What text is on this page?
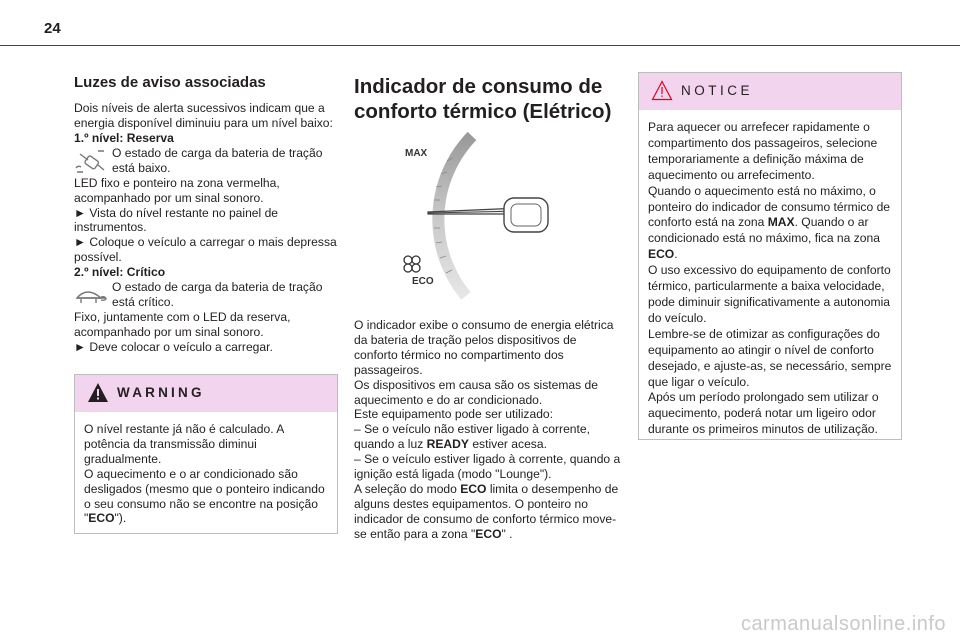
24
Luzes de aviso associadas

Dois níveis de alerta sucessivos indicam que a energia disponível diminuiu para um nível baixo:

1.º nível: Reserva

O estado de carga da bateria de tração está baixo.

LED fixo e ponteiro na zona vermelha, acompanhado por um sinal sonoro.

► Vista do nível restante no painel de instrumentos.

► Coloque o veículo a carregar o mais depressa possível.

2.º nível: Crítico

O estado de carga da bateria de tração está crítico.

Fixo, juntamente com o LED da reserva, acompanhado por um sinal sonoro.

► Deve colocar o veículo a carregar.

WARNING

O nível restante já não é calculado. A potência da transmissão diminui gradualmente.

O aquecimento e o ar condicionado são desligados (mesmo que o ponteiro indicando o seu consumo não se encontre na posição "ECO").

Indicador de consumo de conforto térmico (Elétrico)
MAX
ECO

O indicador exibe o consumo de energia elétrica da bateria de tração pelos dispositivos de conforto térmico no compartimento dos passageiros.

Os dispositivos em causa são os sistemas de aquecimento e do ar condicionado.

Este equipamento pode ser utilizado:

– Se o veículo não estiver ligado à corrente, quando a luz READY estiver acesa.

– Se o veículo estiver ligado à corrente, quando a ignição está ligada (modo "Lounge").

A seleção do modo ECO limita o desempenho de alguns destes equipamentos. O ponteiro no indicador de consumo de conforto térmico move-se então para a zona "ECO" .

NOTICE

Para aquecer ou arrefecer rapidamente o compartimento dos passageiros, selecione temporariamente a definição máxima de aquecimento ou arrefecimento.

Quando o aquecimento está no máximo, o ponteiro do indicador de consumo térmico de conforto está na zona MAX. Quando o ar condicionado está no máximo, fica na zona ECO.

O uso excessivo do equipamento de conforto térmico, particularmente a baixa velocidade, pode diminuir significativamente a autonomia do veículo.

Lembre-se de otimizar as configurações do equipamento ao atingir o nível de conforto desejado, e ajuste-as, se necessário, sempre que ligar o veículo.

Após um período prolongado sem utilizar o aquecimento, poderá notar um ligeiro odor durante os primeiros minutos de utilização.

carmanualsonline.info
